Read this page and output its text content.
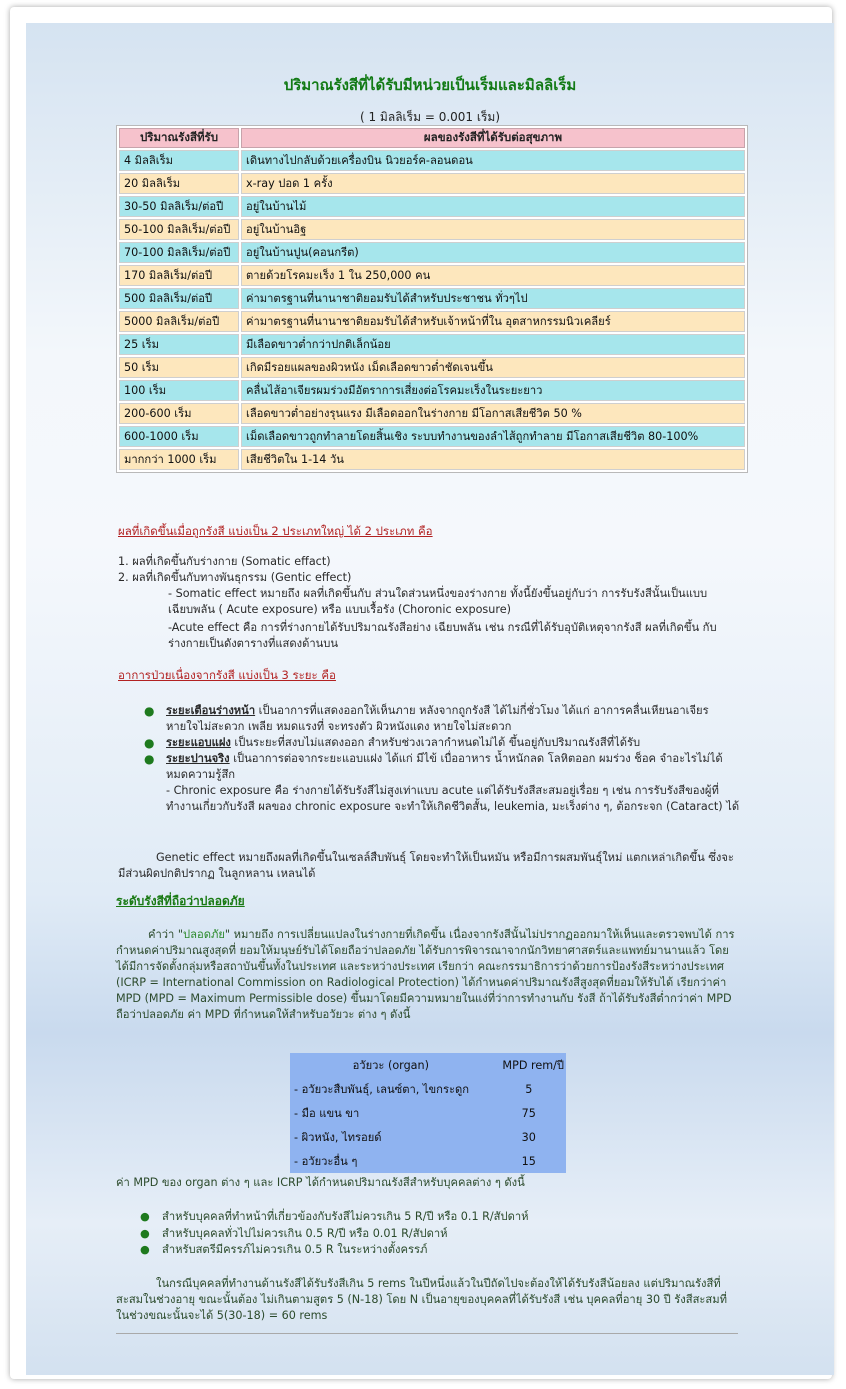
ปริมาณรังสีที่ได้รับมีหน่วยเป็นเร็มและมิลลิเร็ม
( 1 มิลลิเร็ม = 0.001 เร็ม)
ปริมาณรังสีที่รับ	ผลของรังสีที่ได้รับต่อสุขภาพ
4 มิลลิเร็ม	เดินทางไปกลับด้วยเครื่องบิน นิวยอร์ค-ลอนดอน
20 มิลลิเร็ม	x-ray ปอด 1 ครั้ง
30-50 มิลลิเร็ม/ต่อปี	อยู่ในบ้านไม้
50-100 มิลลิเร็ม/ต่อปี	อยู่ในบ้านอิฐ
70-100 มิลลิเร็ม/ต่อปี	อยู่ในบ้านปูน(คอนกรีต)
170 มิลลิเร็ม/ต่อปี	ตายด้วยโรคมะเร็ง 1 ใน 250,000 คน
500 มิลลิเร็ม/ต่อปี	ค่ามาตรฐานที่นานาชาติยอมรับได้สำหรับประชาชน ทั่วๆไป
5000 มิลลิเร็ม/ต่อปี	ค่ามาตรฐานที่นานาชาติยอมรับได้สำหรับเจ้าหน้าที่ใน อุตสาหกรรมนิวเคลียร์
25 เร็ม	มีเลือดขาวต่ำกว่าปกติเล็กน้อย
50 เร็ม	เกิดมีรอยแผลของผิวหนัง เม็ดเลือดขาวต่ำชัดเจนขึ้น
100 เร็ม	คลื่นไส้อาเจียรผมร่วงมีอัตราการเสี่ยงต่อโรคมะเร็งในระยะยาว
200-600 เร็ม	เลือดขาวต่ำอย่างรุนแรง มีเลือดออกในร่างกาย มีโอกาสเสียชีวิต 50 %
600-1000 เร็ม	เม็ดเลือดขาวถูกทำลายโดยสิ้นเชิง ระบบทำงานของลำไส้ถูกทำลาย มีโอกาสเสียชีวิต 80-100%
มากกว่า 1000 เร็ม	เสียชีวิตใน 1-14 วัน
ผลที่เกิดขึ้นเมื่อถูกรังสี แบ่งเป็น 2 ประเภทใหญ่ ได้ 2 ประเภท คือ
1. ผลที่เกิดขึ้นกับร่างกาย (Somatic effact)
2. ผลที่เกิดขึ้นกับทางพันธุกรรม (Gentic effect)
- Somatic effect หมายถึง ผลที่เกิดขึ้นกับ ส่วนใดส่วนหนึ่งของร่างกาย ทั้งนี้ยังขึ้นอยู่กับว่า การรับรังสีนั้นเป็นแบบเฉียบพลัน ( Acute exposure) หรือ แบบเรื้อรัง (Choronic exposure)
-Acute effect คือ การที่ร่างกายได้รับปริมาณรังสีอย่าง เฉียบพลัน เช่น กรณีที่ได้รับอุบัติเหตุจากรังสี ผลที่เกิดขึ้น กับร่างกายเป็นดังตารางที่แสดงด้านบน
อาการป่วยเนื่องจากรังสี แบ่งเป็น 3 ระยะ คือ
● ระยะเตือนร่างหน้า เป็นอาการที่แสดงออกให้เห็นภาย หลังจากถูกรังสี ได้ไม่กี่ชั่วโมง ได้แก่ อาการคลื่นเหียนอาเจียร หายใจไม่สะดวก เพลีย หมดแรงที่ จะทรงตัว ผิวหนังแดง หายใจไม่สะดวก
● ระยะแอบแฝง เป็นระยะที่สงบไม่แสดงออก สำหรับช่วงเวลากำหนดไม่ได้ ขึ้นอยู่กับปริมาณรังสีที่ได้รับ
● ระยะปานจริง เป็นอาการต่อจากระยะแอบแฝง ได้แก่ มีไข้ เบื่ออาหาร น้ำหนักลด โลหิตออก ผมร่วง ช็อค จำอะไรไม่ได้ หมดความรู้สึก
- Chronic exposure คือ ร่างกายได้รับรังสีไม่สูงเท่าแบบ acute แต่ได้รับรังสีสะสมอยู่เรื่อย ๆ เช่น การรับรังสีของผู้ที่ทำงานเกี่ยวกับรังสี ผลของ chronic exposure จะทำให้เกิดชีวิตสั้น, leukemia, มะเร็งต่าง ๆ, ต้อกระจก (Cataract) ได้
Genetic effect หมายถึงผลที่เกิดขึ้นในเซลล์สืบพันธุ์ โดยจะทำให้เป็นหมัน หรือมีการผสมพันธุ์ใหม่ แตกเหล่าเกิดขึ้น ซึ่งจะมีส่วนผิดปกติปรากฏ ในลูกหลาน เหลนได้
ระดับรังสีที่ถือว่าปลอดภัย
คำว่า "ปลอดภัย" หมายถึง การเปลี่ยนแปลงในร่างกายที่เกิดขึ้น เนื่องจากรังสีนั้นไม่ปรากฏออกมาให้เห็นและตรวจพบได้ การกำหนดค่าปริมาณสูงสุดที่ ยอมให้มนุษย์รับได้โดยถือว่าปลอดภัย ได้รับการพิจารณาจากนักวิทยาศาสตร์และแพทย์มานานแล้ว โดยได้มีการจัดตั้งกลุ่มหรือสถาบันขึ้นทั้งในประเทศ และระหว่างประเทศ เรียกว่า คณะกรรมาธิการว่าด้วยการป้องรังสีระหว่างประเทศ (ICRP = International Commission on Radiological Protection) ได้กำหนดค่าปริมาณรังสีสูงสุดที่ยอมให้รับได้ เรียกว่าค่า MPD (MPD = Maximum Permissible dose) ขึ้นมาโดยมีความหมายในแง่ที่ว่าการทำงานกับ รังสี ถ้าได้รับรังสีต่ำกว่าค่า MPD ถือว่าปลอดภัย ค่า MPD ที่กำหนดให้สำหรับอวัยวะ ต่าง ๆ ดังนี้
อวัยวะ (organ)	MPD rem/ปี
- อวัยวะสืบพันธุ์, เลนซ์ตา, ไขกระดูก	5
- มือ แขน ขา	75
- ผิวหนัง, ไทรอยด์	30
- อวัยวะอื่น ๆ	15
ค่า MPD ของ organ ต่าง ๆ และ ICRP ได้กำหนดปริมาณรังสีสำหรับบุคคลต่าง ๆ ดังนี้
● สำหรับบุคคลที่ทำหน้าที่เกี่ยวข้องกับรังสีไม่ควรเกิน 5 R/ปี หรือ 0.1 R/สัปดาห์
● สำหรับบุคคลทั่วไปไม่ควรเกิน 0.5 R/ปี หรือ 0.01 R/สัปดาห์
● สำหรับสตรีมีครรภ์ไม่ควรเกิน 0.5 R ในระหว่างตั้งครรภ์
ในกรณีบุคคลที่ทำงานด้านรังสีได้รับรังสีเกิน 5 rems ในปีหนึ่งแล้วในปีถัดไปจะต้องให้ได้รับรังสีน้อยลง แต่ปริมาณรังสีที่สะสมในช่วงอายุ ขณะนั้นต้อง ไม่เกินตามสูตร 5 (N-18) โดย N เป็นอายุของบุคคลที่ได้รับรังสี เช่น บุคคลที่อายุ 30 ปี รังสีสะสมที่ในช่วงขณะนั้นจะได้ 5(30-18) = 60 rems
